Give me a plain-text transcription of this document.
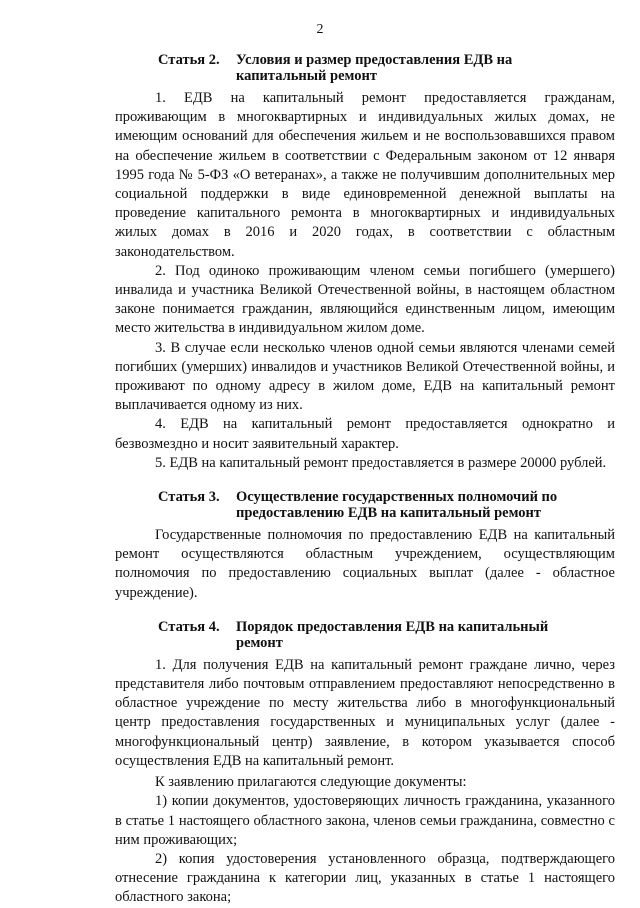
2
Статья 2. Условия и размер предоставления ЕДВ на капитальный ремонт

1. ЕДВ на капитальный ремонт предоставляется гражданам, проживающим в многоквартирных и индивидуальных жилых домах, не имеющим оснований для обеспечения жильем и не воспользовавшихся правом на обеспечение жильем в соответствии с Федеральным законом от 12 января 1995 года № 5-ФЗ «О ветеранах», а также не получившим дополнительных мер социальной поддержки в виде единовременной денежной выплаты на проведение капитального ремонта в многоквартирных и индивидуальных жилых домах в 2016 и 2020 годах, в соответствии с областным законодательством.

2. Под одиноко проживающим членом семьи погибшего (умершего) инвалида и участника Великой Отечественной войны, в настоящем областном законе понимается гражданин, являющийся единственным лицом, имеющим место жительства в индивидуальном жилом доме.

3. В случае если несколько членов одной семьи являются членами семей погибших (умерших) инвалидов и участников Великой Отечественной войны, и проживают по одному адресу в жилом доме, ЕДВ на капитальный ремонт выплачивается одному из них.

4. ЕДВ на капитальный ремонт предоставляется однократно и безвозмездно и носит заявительный характер.

5. ЕДВ на капитальный ремонт предоставляется в размере 20000 рублей.

Статья 3. Осуществление государственных полномочий по предоставлению ЕДВ на капитальный ремонт

Государственные полномочия по предоставлению ЕДВ на капитальный ремонт осуществляются областным учреждением, осуществляющим полномочия по предоставлению социальных выплат (далее - областное учреждение).

Статья 4. Порядок предоставления ЕДВ на капитальный ремонт

1. Для получения ЕДВ на капитальный ремонт граждане лично, через представителя либо почтовым отправлением предоставляют непосредственно в областное учреждение по месту жительства либо в многофункциональный центр предоставления государственных и муниципальных услуг (далее - многофункциональный центр) заявление, в котором указывается способ осуществления ЕДВ на капитальный ремонт.

К заявлению прилагаются следующие документы:

1) копии документов, удостоверяющих личность гражданина, указанного в статье 1 настоящего областного закона, членов семьи гражданина, совместно с ним проживающих;

2) копия удостоверения установленного образца, подтверждающего отнесение гражданина к категории лиц, указанных в статье 1 настоящего областного закона;
